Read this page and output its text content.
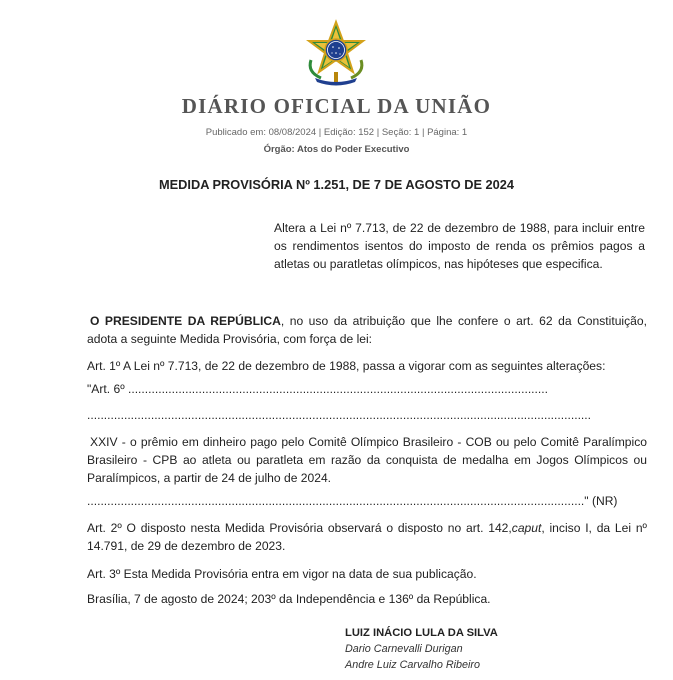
DIÁRIO OFICIAL DA UNIÃO
Publicado em: 08/08/2024 | Edição: 152 | Seção: 1 | Página: 1
Órgão: Atos do Poder Executivo
MEDIDA PROVISÓRIA Nº 1.251, DE 7 DE AGOSTO DE 2024
Altera a Lei nº 7.713, de 22 de dezembro de 1988, para incluir entre os rendimentos isentos do imposto de renda os prêmios pagos a atletas ou paratletas olímpicos, nas hipóteses que especifica.
O PRESIDENTE DA REPÚBLICA, no uso da atribuição que lhe confere o art. 62 da Constituição, adota a seguinte Medida Provisória, com força de lei:
Art. 1º A Lei nº 7.713, de 22 de dezembro de 1988, passa a vigorar com as seguintes alterações:
"Art. 6º .............................................................................................................................
......................................................................................................................................................
XXIV - o prêmio em dinheiro pago pelo Comitê Olímpico Brasileiro - COB ou pelo Comitê Paralímpico Brasileiro - CPB ao atleta ou paratleta em razão da conquista de medalha em Jogos Olímpicos ou Paralímpicos, a partir de 24 de julho de 2024.
...................................................................................................................................................." (NR)
Art. 2º O disposto nesta Medida Provisória observará o disposto no art. 142,caput, inciso I, da Lei nº 14.791, de 29 de dezembro de 2023.
Art. 3º Esta Medida Provisória entra em vigor na data de sua publicação.
Brasília, 7 de agosto de 2024; 203º da Independência e 136º da República.
LUIZ INÁCIO LULA DA SILVA
Dario Carnevalli Durigan
Andre Luiz Carvalho Ribeiro
